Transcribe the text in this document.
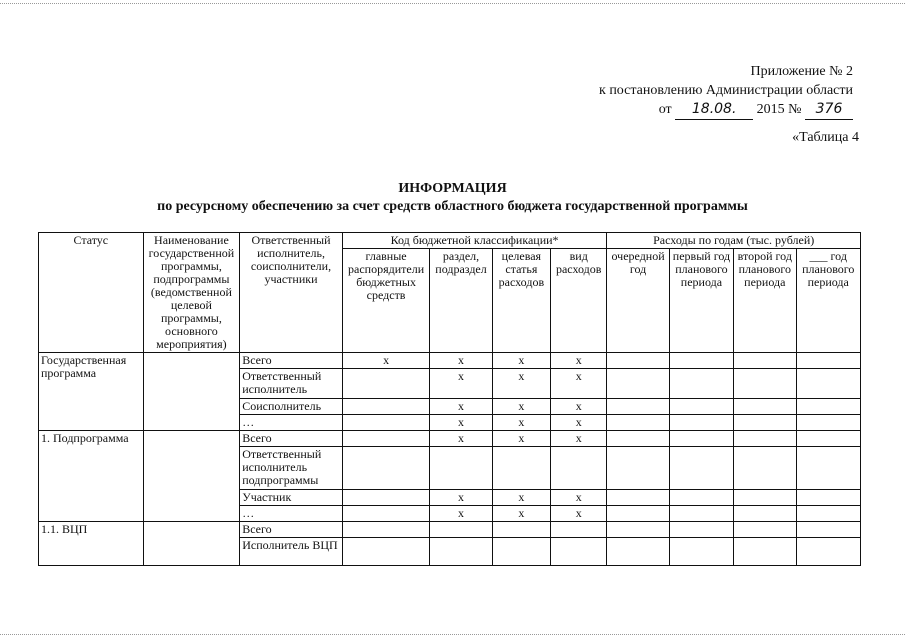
Приложение № 2
к постановлению Администрации области
от 18.08. 2015 № 376
«Таблица 4
ИНФОРМАЦИЯ
по ресурсному обеспечению за счет средств областного бюджета государственной программы
Статус	Наименование государственной программы, подпрограммы (ведомственной целевой программы, основного мероприятия)	Ответственный исполнитель, соисполнители, участники	Код бюджетной классификации*				Расходы по годам (тыс. рублей)			
			главные распорядители бюджетных средств	раздел, подраздел	целевая статья расходов	вид расходов	очередной год	первый год планового периода	второй год планового периода	___ год планового периода
Государственная программа		Всего	х	х	х	х				
		Ответственный исполнитель		х	х	х				
		Соисполнитель		х	х	х				
		…		х	х	х				
1. Подпрограмма		Всего		х	х	х				
		Ответственный исполнитель подпрограммы								
		Участник		х	х	х				
		…		х	х	х				
1.1. ВЦП		Всего								
		Исполнитель ВЦП								
